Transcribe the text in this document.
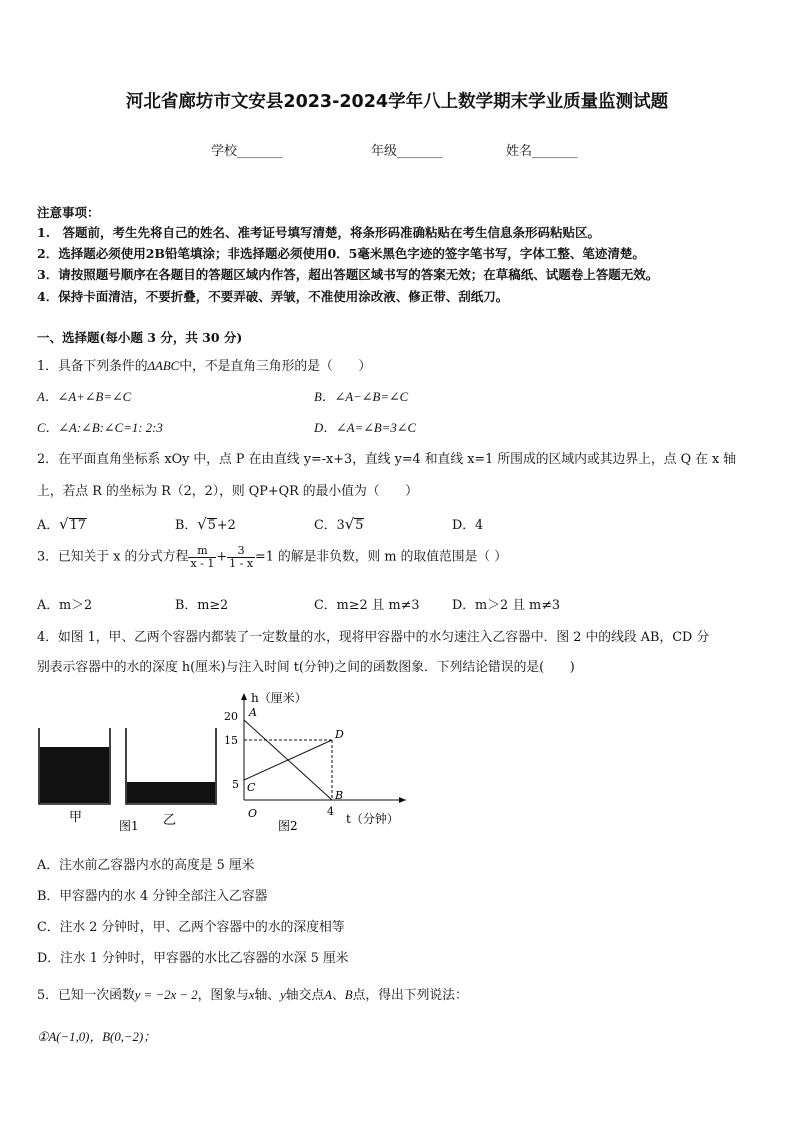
河北省廊坊市文安县2023-2024学年八上数学期末学业质量监测试题
学校_______	年级_______	姓名_______
注意事项：
1.　答题前，考生先将自己的姓名、准考证号填写清楚，将条形码准确粘贴在考生信息条形码粘贴区。
2．选择题必须使用2B铅笔填涂；非选择题必须使用0．5毫米黑色字迹的签字笔书写，字体工整、笔迹清楚。
3．请按照题号顺序在各题目的答题区域内作答，超出答题区域书写的答案无效；在草稿纸、试题卷上答题无效。
4．保持卡面清洁，不要折叠，不要弄破、弄皱，不准使用涂改液、修正带、刮纸刀。
一、选择题(每小题 3 分，共 30 分)
1．具备下列条件的ΔABC中，不是直角三角形的是（　　）
A．∠A+∠B=∠C	B．∠A−∠B=∠C
C．∠A:∠B:∠C=1: 2:3	D．∠A=∠B=3∠C
2．在平面直角坐标系 xOy 中，点 P 在由直线 y=-x+3，直线 y=4 和直线 x=1 所围成的区域内或其边界上，点 Q 在 x 轴
上，若点 R 的坐标为 R（2，2），则 QP+QR 的最小值为（　　）
A．√17	B．√5+2	C．3√5	D．4
3．已知关于 x 的分式方程 $\frac{m}{x - 1} + \frac{3}{1 - x} =1$ 的解是非负数，则 m 的取值范围是（ ）
A．m＞2	B．m≥2	C．m≥2 且 m≠3	D．m＞2 且 m≠3
4．如图 1，甲、乙两个容器内都装了一定数量的水，现将甲容器中的水匀速注入乙容器中．图 2 中的线段 AB，CD 分
别表示容器中的水的深度 h(厘米)与注入时间 t(分钟)之间的函数图象．下列结论错误的是(　　)
甲	乙
图1
h（厘米）
t（分钟）
20
15
5
4
O
A
B
C
D
图2
A．注水前乙容器内水的高度是 5 厘米
B．甲容器内的水 4 分钟全部注入乙容器
C．注水 2 分钟时，甲、乙两个容器中的水的深度相等
D．注水 1 分钟时，甲容器的水比乙容器的水深 5 厘米
5．已知一次函数y = −2x − 2，图象与x轴、y轴交点A、B点，得出下列说法：
①A(−1,0)，B(0,−2)；
